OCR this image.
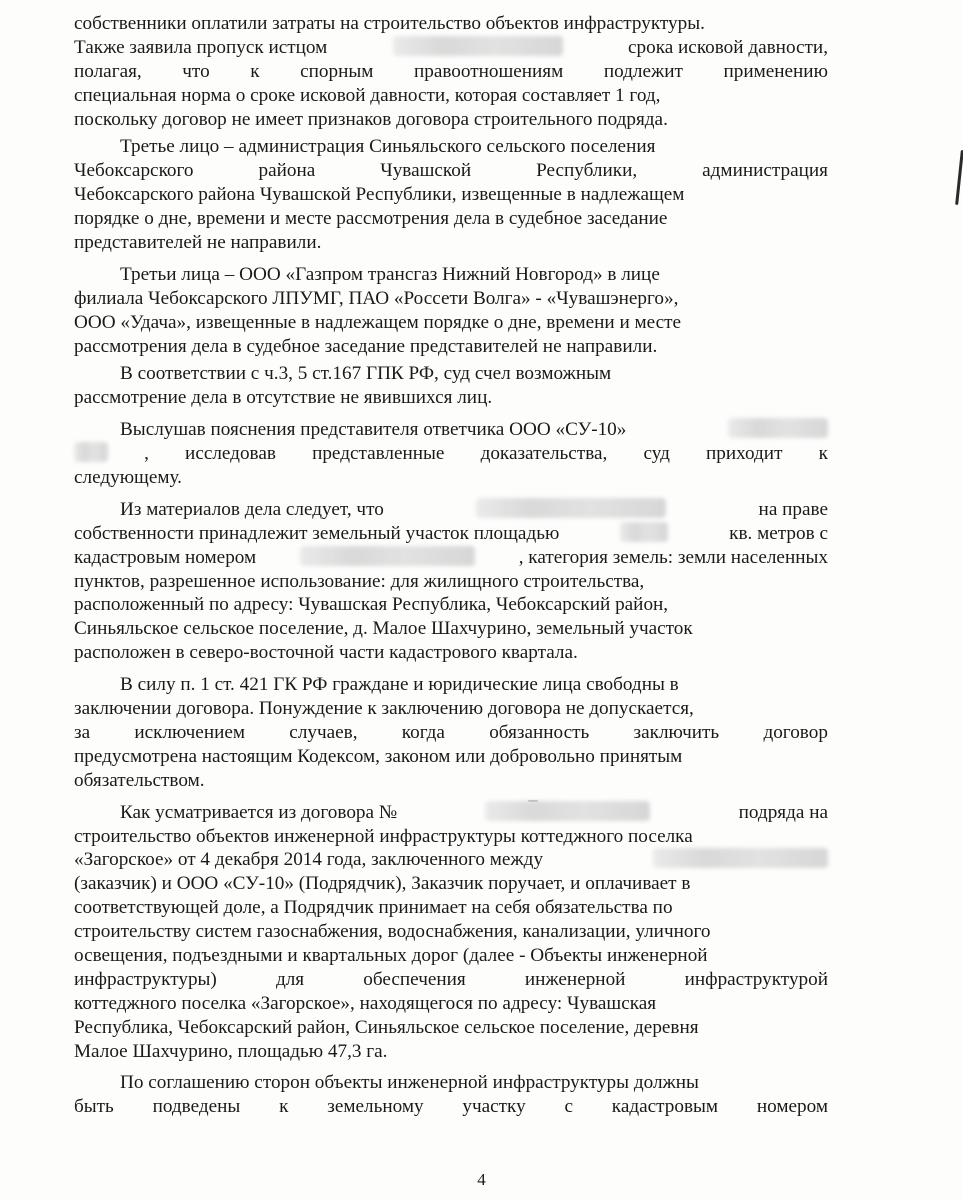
собственники оплатили затраты на строительство объектов инфраструктуры.
Также заявила пропуск истцом	срока исковой давности,
полагая, что к спорным правоотношениям подлежит применению
специальная норма о сроке исковой давности, которая составляет 1 год,
поскольку договор не имеет признаков договора строительного подряда.
Третье лицо – администрация Синьяльского сельского поселения
Чебоксарского	района	Чувашской	Республики,	администрация
Чебоксарского района Чувашской Республики, извещенные в надлежащем
порядке о дне, времени и месте рассмотрения дела в судебное заседание
представителей не направили.
Третьи лица – ООО «Газпром трансгаз Нижний Новгород» в лице
филиала Чебоксарского ЛПУМГ, ПАО «Россети Волга» - «Чувашэнерго»,
ООО «Удача», извещенные в надлежащем порядке о дне, времени и месте
рассмотрения дела в судебное заседание представителей не направили.
В соответствии с ч.3, 5 ст.167 ГПК РФ, суд счел возможным
рассмотрение дела в отсутствие не явившихся лиц.
Выслушав пояснения представителя ответчика ООО «СУ-10»
, исследовав представленные доказательства, суд приходит к
следующему.
Из материалов дела следует, что	на праве
собственности принадлежит земельный участок площадью	кв. метров с
кадастровым номером	, категория земель: земли населенных
пунктов, разрешенное использование: для жилищного строительства,
расположенный по адресу: Чувашская Республика, Чебоксарский район,
Синьяльское сельское поселение, д. Малое Шахчурино, земельный участок
расположен в северо-восточной части кадастрового квартала.
В силу п. 1 ст. 421 ГК РФ граждане и юридические лица свободны в
заключении договора. Понуждение к заключению договора не допускается,
за исключением случаев, когда обязанность заключить договор
предусмотрена настоящим Кодексом, законом или добровольно принятым
обязательством.
Как усматривается из договора №	подряда на
строительство объектов инженерной инфраструктуры коттеджного поселка
«Загорское» от 4 декабря 2014 года, заключенного между
(заказчик) и ООО «СУ-10» (Подрядчик), Заказчик поручает, и оплачивает в
соответствующей доле, а Подрядчик принимает на себя обязательства по
строительству систем газоснабжения, водоснабжения, канализации, уличного
освещения, подъездными и квартальных дорог (далее - Объекты инженерной
инфраструктуры)	для	обеспечения	инженерной	инфраструктурой
коттеджного поселка «Загорское», находящегося по адресу: Чувашская
Республика, Чебоксарский район, Синьяльское сельское поселение, деревня
Малое Шахчурино, площадью 47,3 га.
По соглашению сторон объекты инженерной инфраструктуры должны
быть подведены к земельному участку с кадастровым номером
4
